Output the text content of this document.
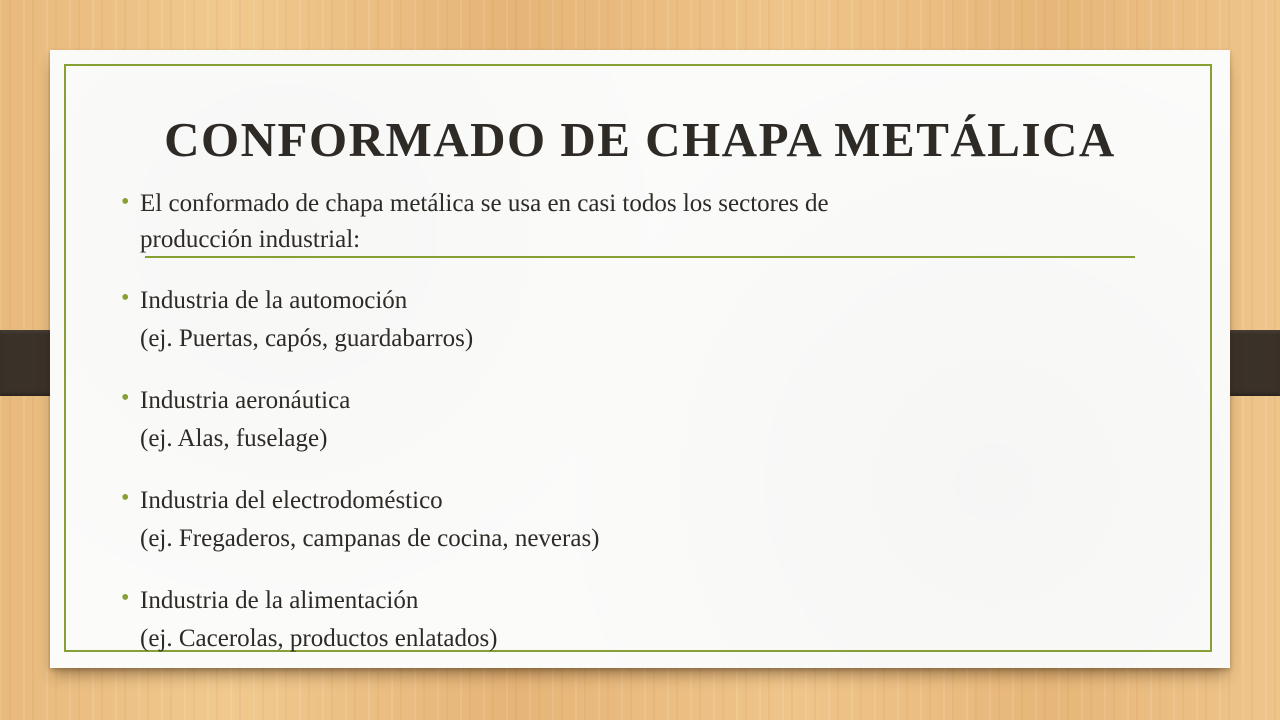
CONFORMADO DE CHAPA METÁLICA
• El conformado de chapa metálica se usa en casi todos los sectores de
producción industrial:
• Industria de la automoción
(ej. Puertas, capós, guardabarros)
• Industria aeronáutica
(ej. Alas, fuselage)
• Industria del electrodoméstico
(ej. Fregaderos, campanas de cocina, neveras)
• Industria de la alimentación
(ej. Cacerolas, productos enlatados)
